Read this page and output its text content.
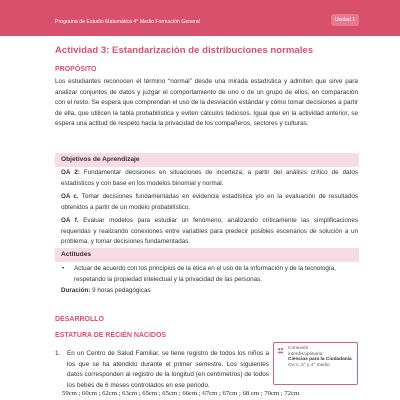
Programa de Estudio Matemática 4° Medio Formación General	Unidad 1
Actividad 3: Estandarización de distribuciones normales
PROPÓSITO

Los estudiantes reconocen el término “normal” desde una mirada estadística y admiten que sirve para analizar conjuntos de datos y juzgar el comportamiento de uno o de un grupo de ellos, en comparación con el resto. Se espera que comprendan el uso de la desviación estándar y cómo tomar decisiones a partir de ella, que utilicen la tabla probabilística y eviten cálculos tediosos. Igual que en la actividad anterior, se espera una actitud de respeto hacia la privacidad de los compañeros, sectores y culturas.

Objetivos de Aprendizaje

OA 2: Fundamentar decisiones en situaciones de incerteza, a partir del análisis crítico de datos estadísticos y con base en los modelos binomial y normal.

OA c. Tomar decisiones fundamentadas en evidencia estadística y/o en la evaluación de resultados obtenidos a partir de un modelo probabilístico.

OA f. Evaluar modelos para estudiar un fenómeno, analizando críticamente las simplificaciones requeridas y realizando conexiones entre variables para predecir posibles escenarios de solución a un problema, y tomar decisiones fundamentadas.

Actitudes
•	Actuar de acuerdo con los principios de la ética en el uso de la información y de la tecnología, respetando la propiedad intelectual y la privacidad de las personas.

Duración: 9 horas pedagógicas
DESARROLLO
ESTATURA DE RECIÉN NACIDOS
Conexión
interdisciplinaria:
Ciencias para la Ciudadanía
OA c, 3° y 4° medio
1. En un Centro de Salud Familiar, se tiene registro de todos los niños a los que se ha atendido durante el primer semestre. Los siguientes datos corresponden al registro de la longitud (en centímetros) de todos los bebés de 6 meses controlados en ese periodo.

59cm ; 60cm ; 62cm ; 63cm ; 65cm ; 65cm ; 66cm ; 67cm ; 67cm ; 68 cm ; 70cm ; 72cm
